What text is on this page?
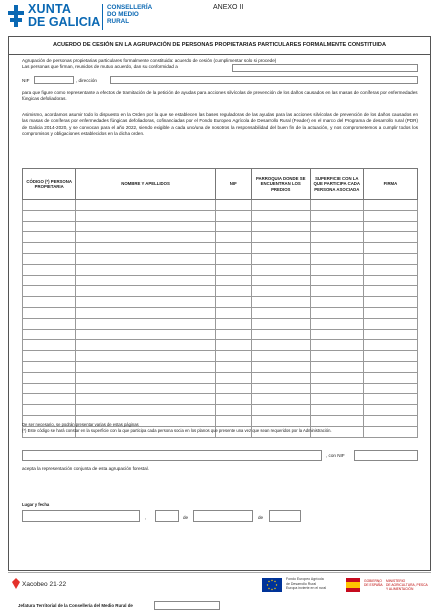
XUNTA
DE GALICIA
CONSELLERÍA
DO MEDIO
RURAL
ANEXO II
ACUERDO DE CESIÓN EN LA AGRUPACIÓN DE PERSONAS PROPIETARIAS PARTICULARES FORMALMENTE CONSTITUIDA
Agrupación de personas propietarias particulares formalmente constituida: acuerdo de cesión (cumplimentar solo si procede)
Las personas que firman, reunidos de mutuo acuerdo, dan su conformidad a
NIF	, dirección
para que figure como representante a efectos de tramitación de la petición de ayudas para acciones silvícolas de prevención de los daños causados en las masas de coníferas por enfermedades fúngicas defoliadoras.
Asimismo, acordamos asumir todo lo dispuesto en la Orden por la que se establecen las bases reguladoras de las ayudas para las acciones silvícolas de prevención de los daños causados en las masas de coníferas por enfermedades fúngicas defoliadoras, cofinanciadas por el Fondo Europeo Agrícola de Desarrollo Rural (Feader) en el marco del Programa de desarrollo rural (PDR) de Galicia 2014-2020, y se convocan para el año 2022, siendo exigible a cada uno/una de nosotros la responsabilidad del buen fin de la actuación, y nos comprometemos a cumplir todos los compromisos y obligaciones establecidos en la dicha orden.
CÓDIGO (*) PERSONA PROPIETARIA	NOMBRE Y APELLIDOS	NIF	PARROQUIA DONDE SE ENCUENTRAN LOS PREDIOS	SUPERFICIE CON LA QUE PARTICIPA CADA PERSONA ASOCIADA	FIRMA

De ser necesario, se podrán presentar varias de estas páginas
(*) Este código se hará constar en la superficie con la que participa cada persona socia en los planos que presente una vez que sean requeridos por la Administración.
, con NIF
acepta la representación conjunta de esta agrupación forestal.
Lugar y fecha
,	de	de
Xacobeo 21·22
Fondo Europeo Agrícola
de Desarrollo Rural
Europa invierte en el rural
GOBIERNO
DE ESPAÑA
MINISTERIO
DE AGRICULTURA, PESCA
Y ALIMENTACIÓN
Jefatura Territorial de la Consellería del Medio Rural de
